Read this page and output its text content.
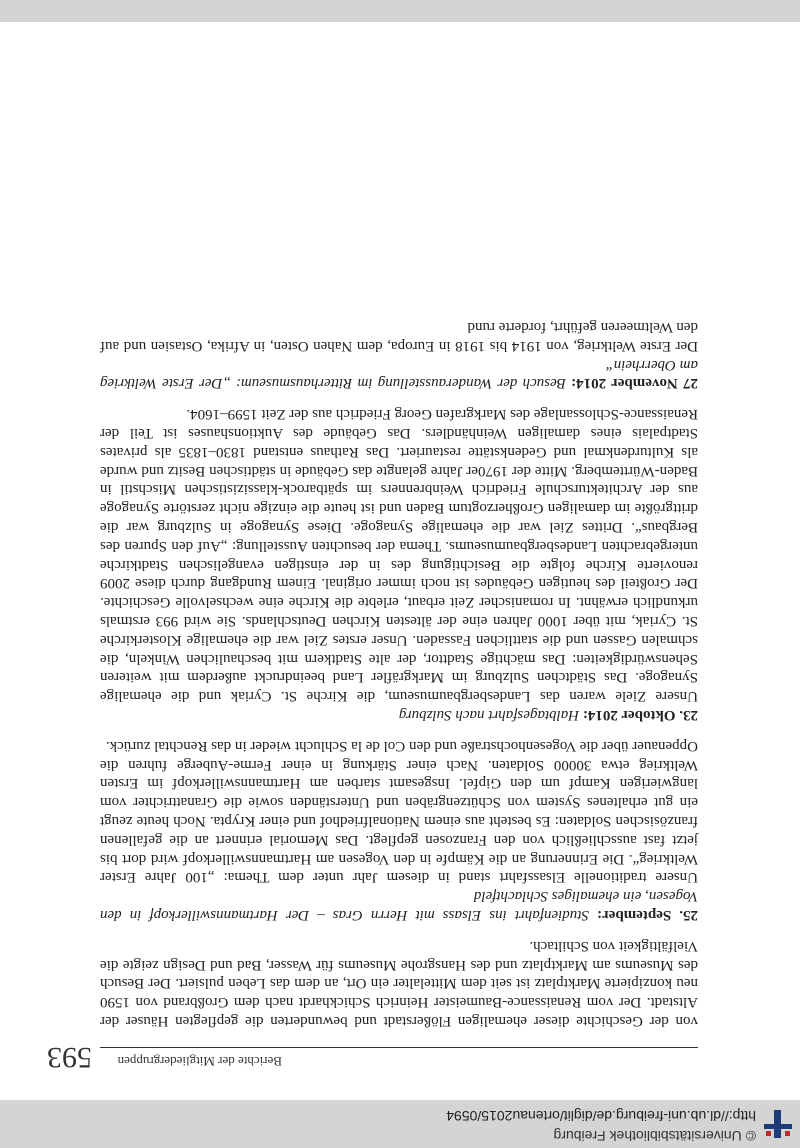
© Universitätsbibliothek Freiburg
http://dl.ub.uni-freiburg.de/diglit/ortenau2015/0594
Berichte der Mitgliedergruppen
593

von der Geschichte dieser ehemaligen Flößerstadt und bewunderten die gepflegten Häuser der Altstadt. Der vom Renaissance-Baumeister Heinrich Schickhardt nach dem Großbrand von 1590 neu konzipierte Marktplatz ist seit dem Mittelalter ein Ort, an dem das Leben pulsiert. Der Besuch des Museums am Marktplatz und des Hansgrohe Museums für Wasser, Bad und Design zeigte die Vielfältigkeit von Schiltach.

25. September: Studienfahrt ins Elsass mit Herrn Gras – Der Hartmannswillerkopf in den Vogesen, ein ehemaliges Schlachtfeld

Unsere traditionelle Elsassfahrt stand in diesem Jahr unter dem Thema: „100 Jahre Erster Weltkrieg“. Die Erinnerung an die Kämpfe in den Vogesen am Hartmannswillerkopf wird dort bis jetzt fast ausschließlich von den Franzosen gepflegt. Das Memorial erinnert an die gefallenen französischen Soldaten: Es besteht aus einem Nationalfriedhof und einer Krypta. Noch heute zeugt ein gut erhaltenes System von Schützengräben und Unterständen sowie die Granattrichter vom langwierigen Kampf um den Gipfel. Insgesamt starben am Hartmannswillerkopf im Ersten Weltkrieg etwa 30000 Soldaten. Nach einer Stärkung in einer Ferme-Auberge fuhren die Oppenauer über die Vogesenhochstraße und den Col de la Schlucht wieder in das Renchtal zurück.

23. Oktober 2014: Halbtagesfahrt nach Sulzburg

Unsere Ziele waren das Landesbergbaumuseum, die Kirche St. Cyriak und die ehemalige Synagoge. Das Städtchen Sulzburg im Markgräfler Land beeindruckt außerdem mit weiteren Sehenswürdigkeiten: Das mächtige Stadttor, der alte Stadtkern mit beschaulichen Winkeln, die schmalen Gassen und die stattlichen Fassaden. Unser erstes Ziel war die ehemalige Klosterkirche St. Cyriak, mit über 1000 Jahren eine der ältesten Kirchen Deutschlands. Sie wird 993 erstmals urkundlich erwähnt. In romanischer Zeit erbaut, erlebte die Kirche eine wechselvolle Geschichte. Der Großteil des heutigen Gebäudes ist noch immer original. Einem Rundgang durch diese 2009 renovierte Kirche folgte die Besichtigung des in der einstigen evangelischen Stadtkirche untergebrachten Landesbergbaumuseums. Thema der besuchten Ausstellung: „Auf den Spuren des Bergbaus“. Drittes Ziel war die ehemalige Synagoge. Diese Synagoge in Sulzburg war die drittgrößte im damaligen Großherzogtum Baden und ist heute die einzige nicht zerstörte Synagoge aus der Architekturschule Friedrich Weinbrenners im spätbarock-klassizistischen Mischstil in Baden-Württemberg. Mitte der 1970er Jahre gelangte das Gebäude in städtischen Besitz und wurde als Kulturdenkmal und Gedenkstätte restauriert. Das Rathaus entstand 1830–1835 als privates Stadtpalais eines damaligen Weinhändlers. Das Gebäude des Auktionshauses ist Teil der Renaissance-Schlossanlage des Markgrafen Georg Friedrich aus der Zeit 1599–1604.

27 November 2014: Besuch der Wanderausstellung im Ritterhausmuseum: „Der Erste Weltkrieg am Oberrhein“

Der Erste Weltkrieg, von 1914 bis 1918 in Europa, dem Nahen Osten, in Afrika, Ostasien und auf den Weltmeeren geführt, forderte rund
